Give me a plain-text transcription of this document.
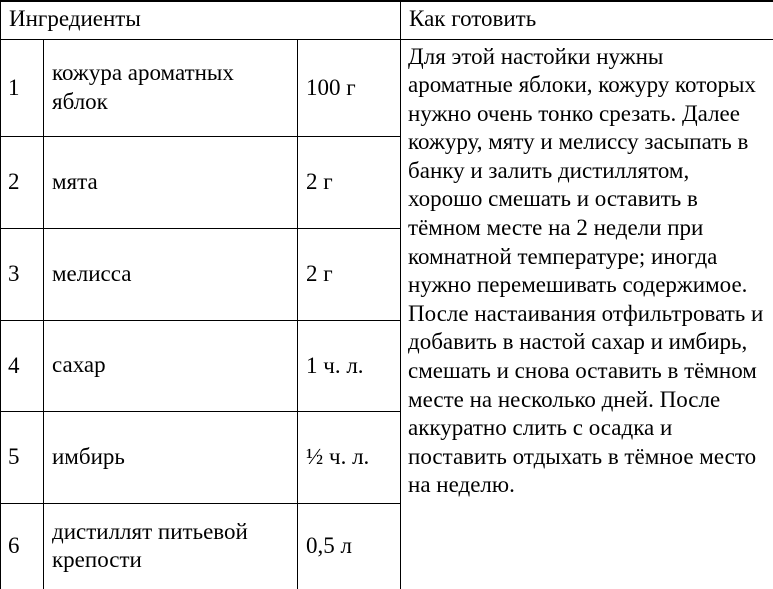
Ингредиенты			Как готовить
1	кожура ароматных яблок	100 г	Для этой настойки нужны ароматные яблоки, кожуру которых нужно очень тонко срезать. Далее кожуру, мяту и мелиссу засыпать в банку и залить дистиллятом, хорошо смешать и оставить в тёмном месте на 2 недели при комнатной температуре; иногда нужно перемешивать содержимое. После настаивания отфильтровать и добавить в настой сахар и имбирь, смешать и снова оставить в тёмном месте на несколько дней. После аккуратно слить с осадка и поставить отдыхать в тёмное место на неделю.
2	мята	2 г	
3	мелисса	2 г	
4	сахар	1 ч. л.	
5	имбирь	½ ч. л.	
6	дистиллят питьевой крепости	0,5 л	
